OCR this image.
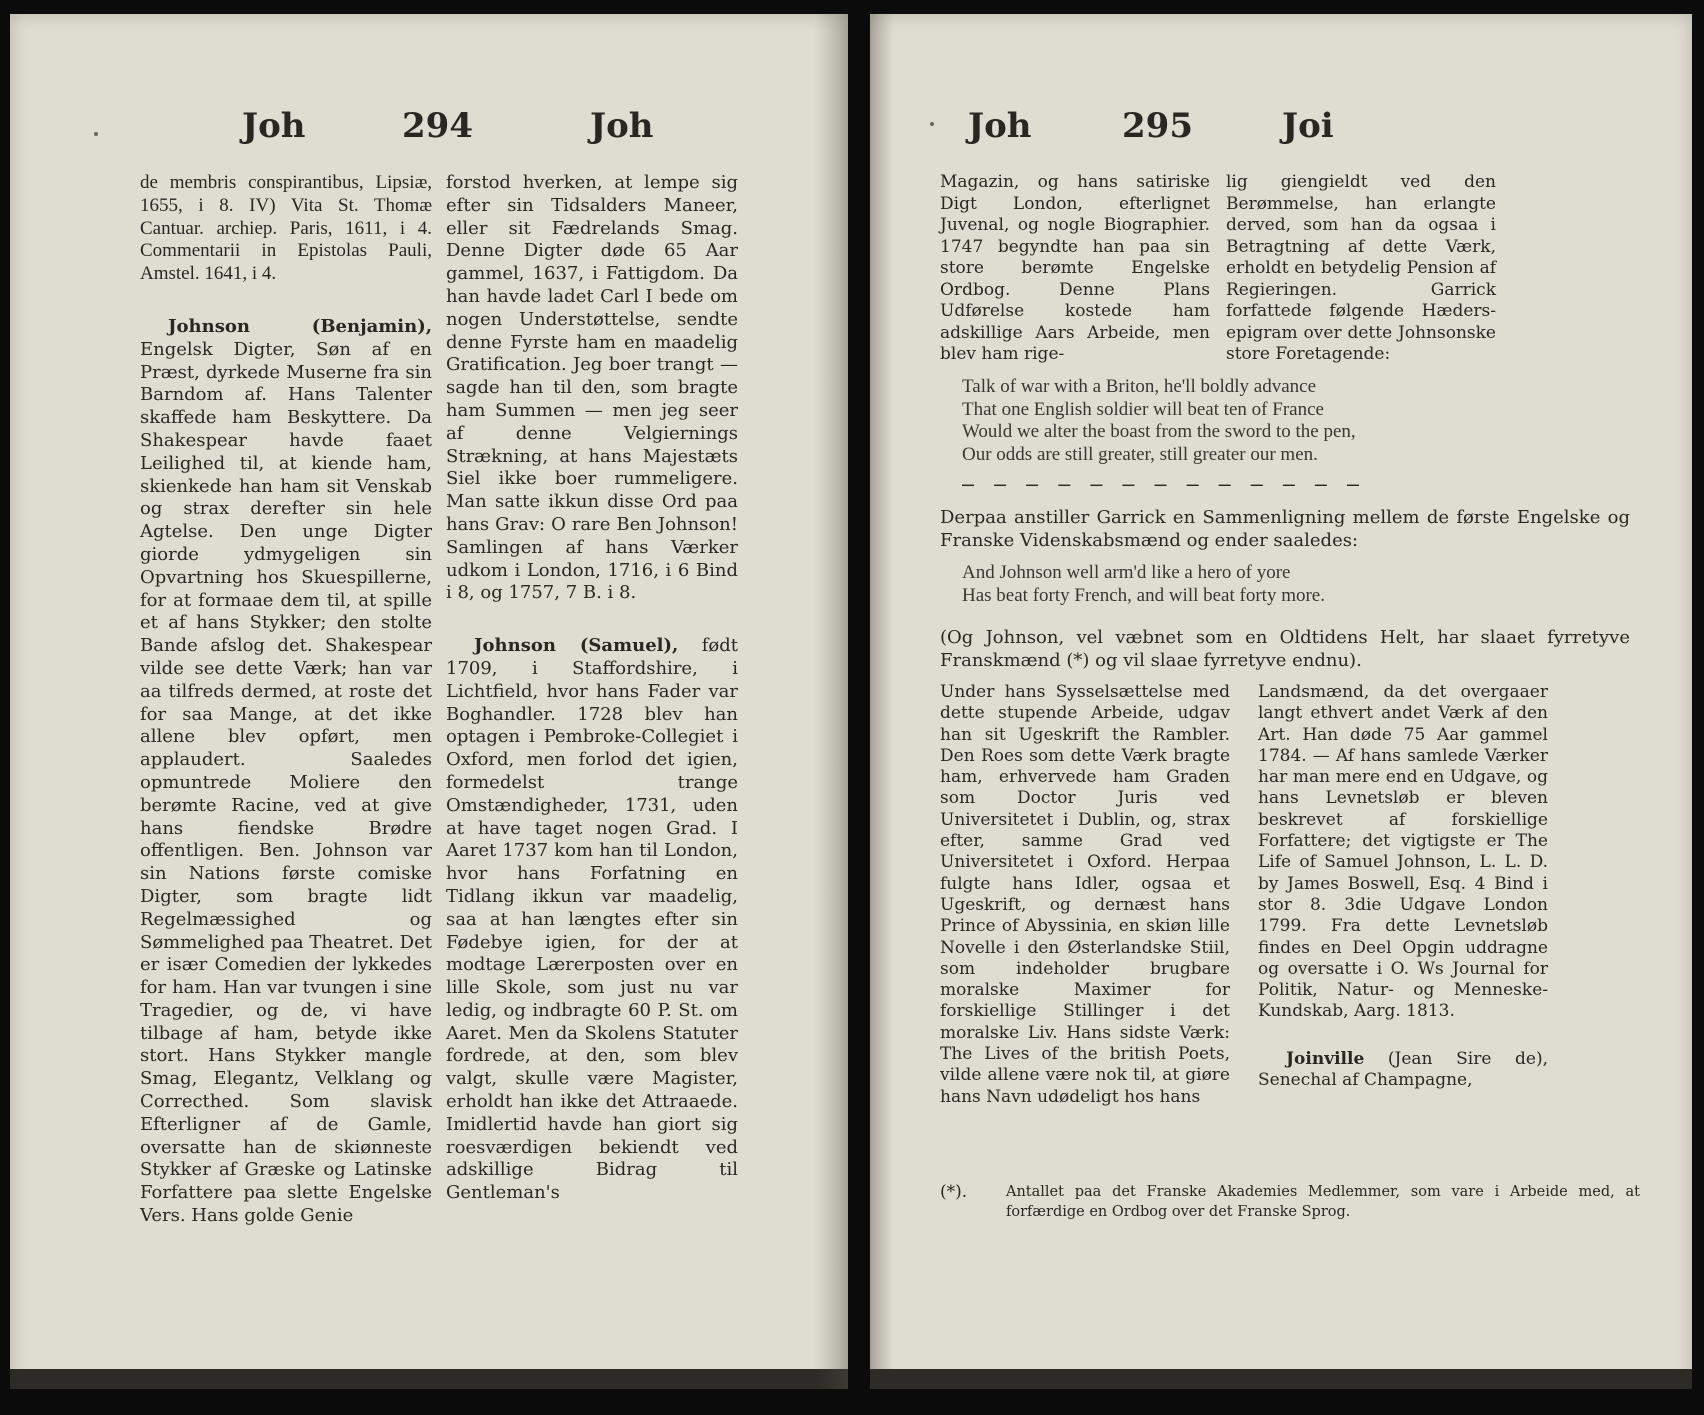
Joh	294	Joh

de membris conspirantibus, Lipsiæ, 1655, i 8. IV) Vita St. Thomæ Cantuar. archiep. Paris, 1611, i 4. Commentarii in Epistolas Pauli, Amstel. 1641, i 4.

Johnson (Benjamin), Engelsk Digter, Søn af en Præst, dyrkede Muserne fra sin Barndom af. Hans Talenter skaffede ham Beskyttere. Da Shakespear havde faaet Leilighed til, at kiende ham, skienkede han ham sit Venskab og strax derefter sin hele Agtelse. Den unge Digter giorde ydmygeligen sin Opvartning hos Skuespillerne, for at formaae dem til, at spille et af hans Stykker; den stolte Bande afslog det. Shakespear vilde see dette Værk; han var aa tilfreds dermed, at roste det for saa Mange, at det ikke allene blev opført, men applaudert. Saaledes opmuntrede Moliere den berømte Racine, ved at give hans fiendske Brødre offentligen. Ben. Johnson var sin Nations første comiske Digter, som bragte lidt Regelmæssighed og Sømmelighed paa Theatret. Det er især Comedien der lykkedes for ham. Han var tvungen i sine Tragedier, og de, vi have tilbage af ham, betyde ikke stort. Hans Stykker mangle Smag, Elegantz, Velklang og Correcthed. Som slavisk Efterligner af de Gamle, oversatte han de skiønneste Stykker af Græske og Latinske Forfattere paa slette Engelske Vers. Hans golde Genie

forstod hverken, at lempe sig efter sin Tidsalders Maneer, eller sit Fædrelands Smag. Denne Digter døde 65 Aar gammel, 1637, i Fattigdom. Da han havde ladet Carl I bede om nogen Understøttelse, sendte denne Fyrste ham en maadelig Gratification. Jeg boer trangt — sagde han til den, som bragte ham Summen — men jeg seer af denne Velgiernings Strækning, at hans Majestæts Siel ikke boer rummeligere. Man satte ikkun disse Ord paa hans Grav: O rare Ben Johnson! Samlingen af hans Værker udkom i London, 1716, i 6 Bind i 8, og 1757, 7 B. i 8.

Johnson (Samuel), født 1709, i Staffordshire, i Lichtfield, hvor hans Fader var Boghandler. 1728 blev han optagen i Pembroke-Collegiet i Oxford, men forlod det igien, formedelst trange Omstændigheder, 1731, uden at have taget nogen Grad. I Aaret 1737 kom han til London, hvor hans Forfatning en Tidlang ikkun var maadelig, saa at han længtes efter sin Fødebye igien, for der at modtage Lærerposten over en lille Skole, som just nu var ledig, og indbragte 60 P. St. om Aaret. Men da Skolens Statuter fordrede, at den, som blev valgt, skulle være Magister, erholdt han ikke det Attraaede. Imidlertid havde han giort sig roesværdigen bekiendt ved adskillige Bidrag til Gentleman's

Joh	295	Joi

Magazin, og hans satiriske Digt London, efterlignet Juvenal, og nogle Biographier. 1747 begyndte han paa sin store berømte Engelske Ordbog. Denne Plans Udførelse kostede ham adskillige Aars Arbeide, men blev ham rige-

lig giengieldt ved den Berømmelse, han erlangte derved, som han da ogsaa i Betragtning af dette Værk, erholdt en betydelig Pension af Regieringen. Garrick forfattede følgende Hæders-epigram over dette Johnsonske store Foretagende:

Talk of war with a Briton, he'll boldly advance

That one English soldier will beat ten of France

Would we alter the boast from the sword to the pen,

Our odds are still greater, still greater our men.

— — — — — — — — — — — — —

Derpaa anstiller Garrick en Sammenligning mellem de første Engelske og Franske Videnskabsmænd og ender saaledes:

And Johnson well arm'd like a hero of yore

Has beat forty French, and will beat forty more.

(Og Johnson, vel væbnet som en Oldtidens Helt, har slaaet fyrretyve Franskmænd (*) og vil slaae fyrretyve endnu).

Under hans Sysselsættelse med dette stupende Arbeide, udgav han sit Ugeskrift the Rambler. Den Roes som dette Værk bragte ham, erhvervede ham Graden som Doctor Juris ved Universitetet i Dublin, og, strax efter, samme Grad ved Universitetet i Oxford. Herpaa fulgte hans Idler, ogsaa et Ugeskrift, og dernæst hans Prince of Abyssinia, en skiøn lille Novelle i den Østerlandske Stiil, som indeholder brugbare moralske Maximer for forskiellige Stillinger i det moralske Liv. Hans sidste Værk: The Lives of the british Poets, vilde allene være nok til, at giøre hans Navn udødeligt hos hans

Landsmænd, da det overgaaer langt ethvert andet Værk af den Art. Han døde 75 Aar gammel 1784. — Af hans samlede Værker har man mere end en Udgave, og hans Levnetsløb er bleven beskrevet af forskiellige Forfattere; det vigtigste er The Life of Samuel Johnson, L. L. D. by James Boswell, Esq. 4 Bind i stor 8. 3die Udgave London 1799. Fra dette Levnetsløb findes en Deel Opgin uddragne og oversatte i O. Ws Journal for Politik, Natur- og Menneske-Kundskab, Aarg. 1813.

Joinville (Jean Sire de), Senechal af Champagne,

(*).	Antallet paa det Franske Akademies Medlemmer, som vare i Arbeide med, at forfærdige en Ordbog over det Franske Sprog.
